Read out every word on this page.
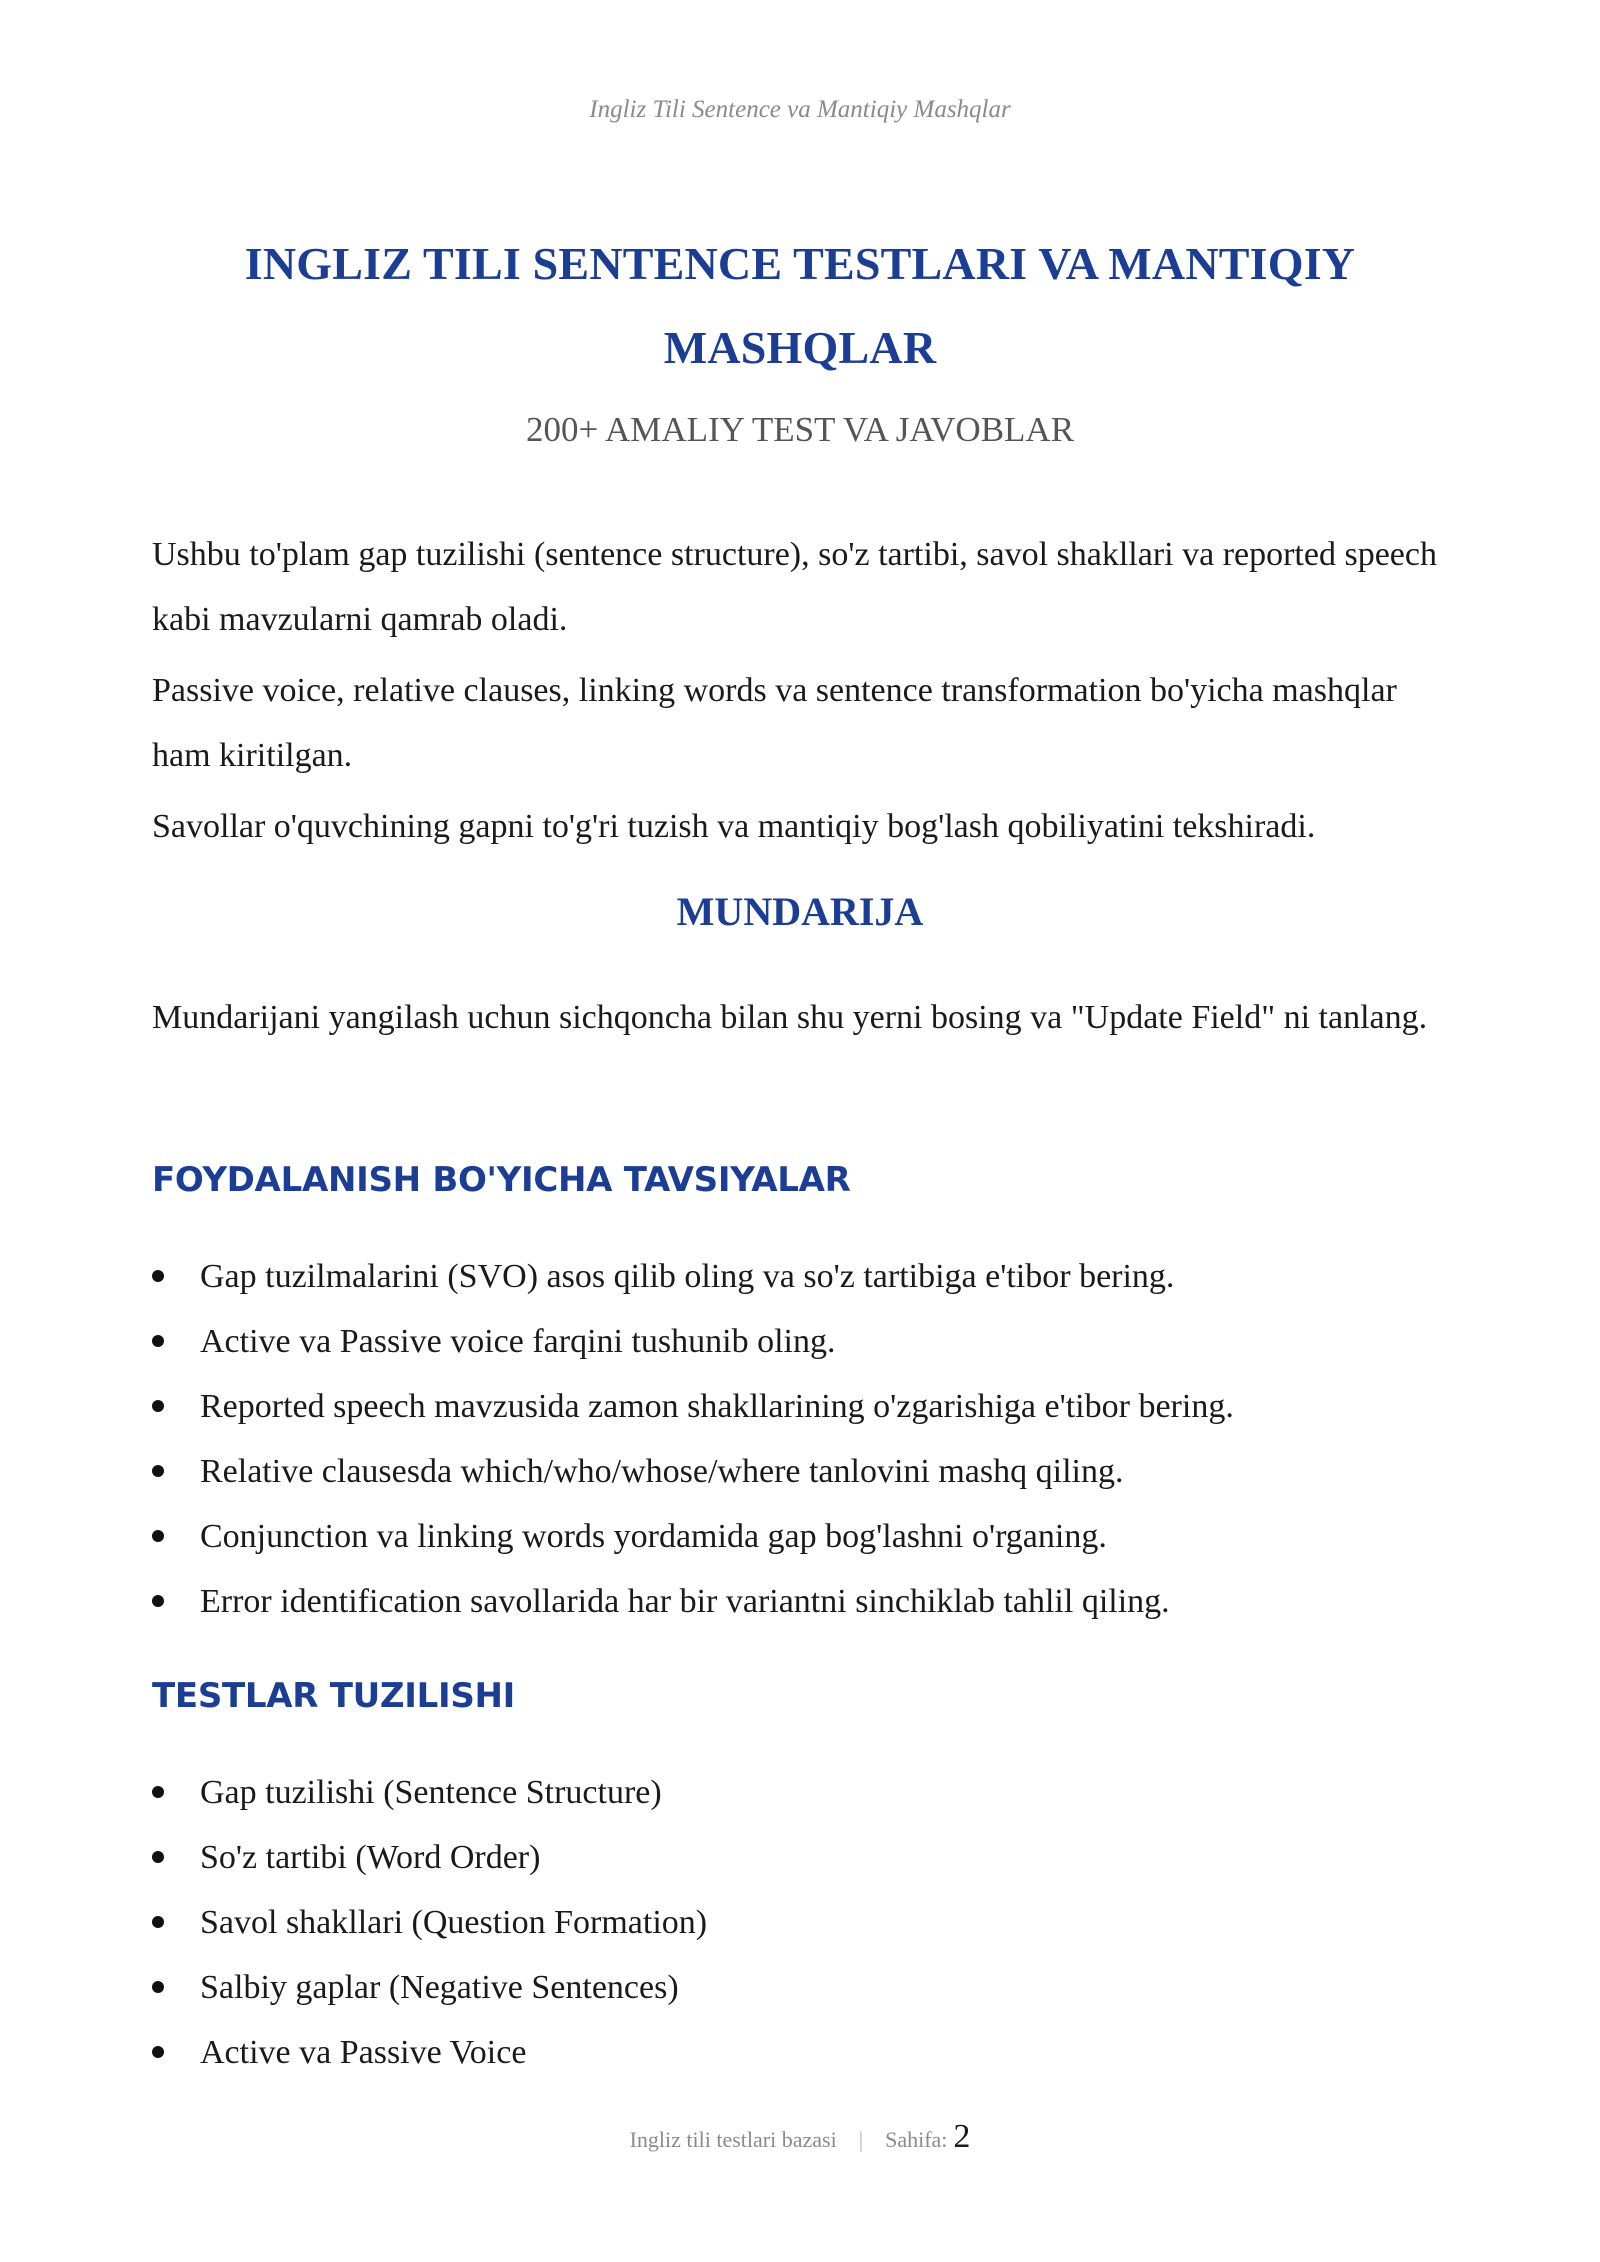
Ingliz Tili Sentence va Mantiqiy Mashqlar
INGLIZ TILI SENTENCE TESTLARI VA MANTIQIY MASHQLAR
200+ AMALIY TEST VA JAVOBLAR

Ushbu to'plam gap tuzilishi (sentence structure), so'z tartibi, savol shakllari va reported speech kabi mavzularni qamrab oladi.

Passive voice, relative clauses, linking words va sentence transformation bo'yicha mashqlar ham kiritilgan.

Savollar o'quvchining gapni to'g'ri tuzish va mantiqiy bog'lash qobiliyatini tekshiradi.

MUNDARIJA
Mundarijani yangilash uchun sichqoncha bilan shu yerni bosing va "Update Field" ni tanlang.
FOYDALANISH BO'YICHA TAVSIYALAR
Gap tuzilmalarini (SVO) asos qilib oling va so'z tartibiga e'tibor bering.
Active va Passive voice farqini tushunib oling.
Reported speech mavzusida zamon shakllarining o'zgarishiga e'tibor bering.
Relative clausesda which/who/whose/where tanlovini mashq qiling.
Conjunction va linking words yordamida gap bog'lashni o'rganing.
Error identification savollarida har bir variantni sinchiklab tahlil qiling.
TESTLAR TUZILISHI
Gap tuzilishi (Sentence Structure)
So'z tartibi (Word Order)
Savol shakllari (Question Formation)
Salbiy gaplar (Negative Sentences)
Active va Passive Voice
Ingliz tili testlari bazasi | Sahifa: 2
